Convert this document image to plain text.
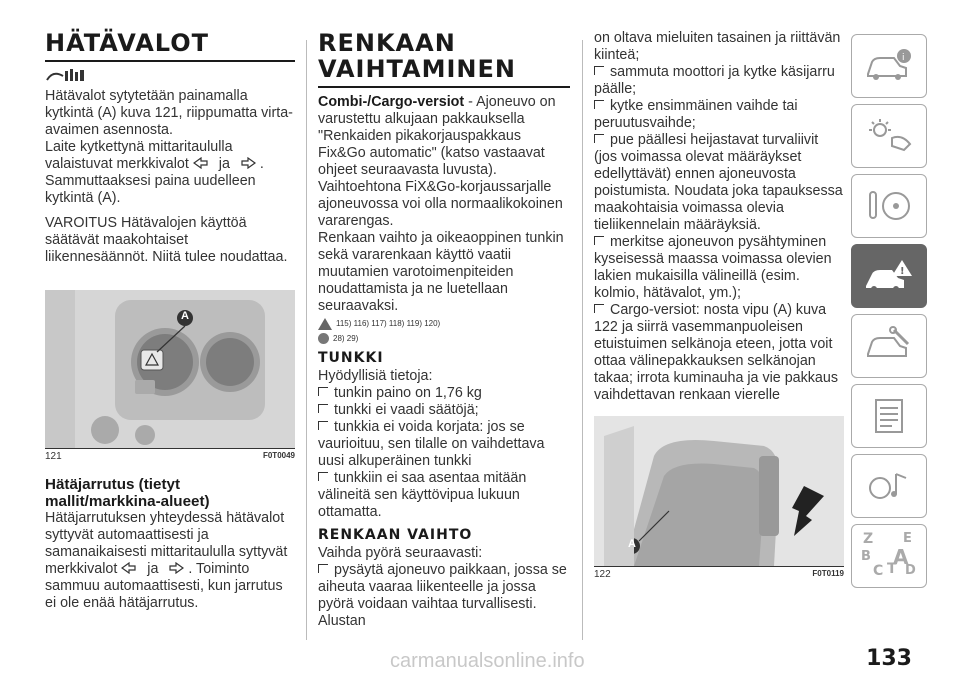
HÄTÄVALOT

Hätävalot sytytetään painamalla kytkintä (A) kuva 121, riippumatta virta-avaimen asennosta.

Laite kytkettynä mittaritaululla valaistuvat merkkivalot ja .

Sammuttaaksesi paina uudelleen kytkintä (A).

VAROITUS Hätävalojen käyttöä säätävät maakohtaiset liikennesäännöt. Niitä tulee noudattaa.

A
121	F0T0049
Hätäjarrutus (tietyt mallit/markkina-alueet)

Hätäjarrutuksen yhteydessä hätävalot syttyvät automaattisesti ja samanaikaisesti mittaritaululla syttyvät merkkivalot ja . Toiminto sammuu automaattisesti, kun jarrutus ei ole enää hätäjarrutus.

RENKAAN
VAIHTAMINEN

Combi-/Cargo-versiot - Ajoneuvo on varustettu alkujaan pakkauksella "Renkaiden pikakorjauspakkaus Fix&Go automatic" (katso vastaavat ohjeet seuraavasta luvusta). Vaihtoehtona FiX&Go-korjaussarjalle ajoneuvossa voi olla normaalikokoinen vararengas.

Renkaan vaihto ja oikeaoppinen tunkin sekä vararenkaan käyttö vaatii muutamien varotoimenpiteiden noudattamista ja ne luetellaan seuraavaksi.

115) 116) 117) 118) 119) 120)
28) 29)
TUNKKI

Hyödyllisiä tietoja:

tunkin paino on 1,76 kg

tunkki ei vaadi säätöjä;

tunkkia ei voida korjata: jos se vaurioituu, sen tilalle on vaihdettava uusi alkuperäinen tunkki

tunkkiin ei saa asentaa mitään välineitä sen käyttövipua lukuun ottamatta.

RENKAAN VAIHTO

Vaihda pyörä seuraavasti:

pysäytä ajoneuvo paikkaan, jossa se aiheuta vaaraa liikenteelle ja jossa pyörä voidaan vaihtaa turvallisesti. Alustan

on oltava mieluiten tasainen ja riittävän kiinteä;

sammuta moottori ja kytke käsijarru päälle;

kytke ensimmäinen vaihde tai peruutusvaihde;

pue päällesi heijastavat turvaliivit (jos voimassa olevat määräykset edellyttävät) ennen ajoneuvosta poistumista. Noudata joka tapauksessa maakohtaisia voimassa olevia tieliikennelain määräyksiä.

merkitse ajoneuvon pysähtyminen kyseisessä maassa voimassa olevien lakien mukaisilla välineillä (esim. kolmio, hätävalot, ym.);

Cargo-versiot: nosta vipu (A) kuva 122 ja siirrä vasemmanpuoleisen etuistuimen selkänoja eteen, jotta voit ottaa välinepakkauksen selkänojan takaa; irrota kuminauha ja vie pakkaus vaihdettavan renkaan vierelle

A
122	F0T0119
i
!
Z E
B A
C T D
carmanualsonline.info	133
